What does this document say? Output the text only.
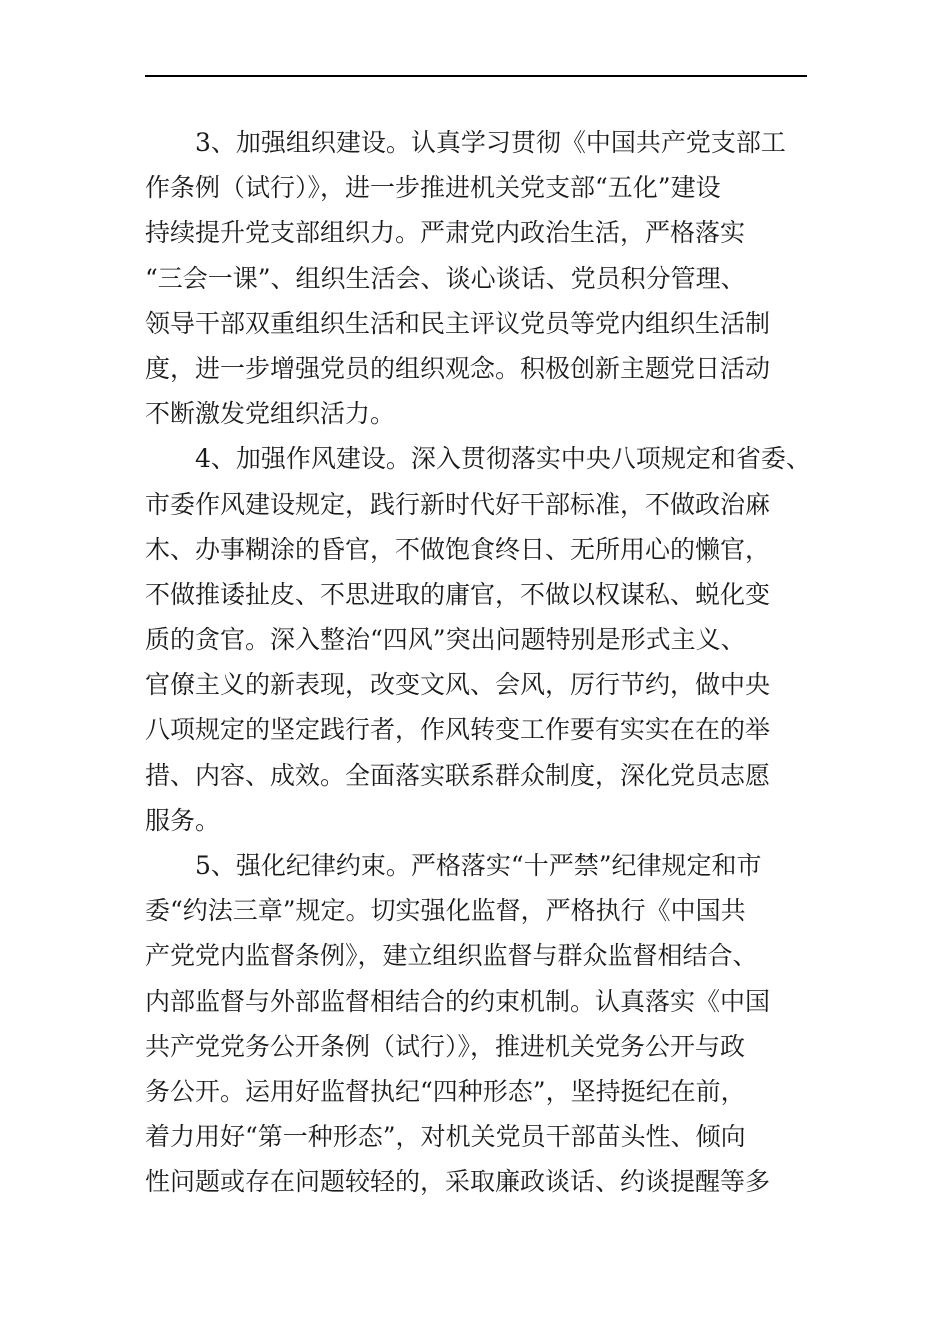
3、加强组织建设。认真学习贯彻《中国共产党支部工
作条例（试行）》，进一步推进机关党支部“五化”建设
持续提升党支部组织力。严肃党内政治生活，严格落实
“三会一课”、组织生活会、谈心谈话、党员积分管理、
领导干部双重组织生活和民主评议党员等党内组织生活制
度，进一步增强党员的组织观念。积极创新主题党日活动
不断激发党组织活力。
4、加强作风建设。深入贯彻落实中央八项规定和省委、
市委作风建设规定，践行新时代好干部标准，不做政治麻
木、办事糊涂的昏官，不做饱食终日、无所用心的懒官，
不做推诿扯皮、不思进取的庸官，不做以权谋私、蜕化变
质的贪官。深入整治“四风”突出问题特别是形式主义、
官僚主义的新表现，改变文风、会风，厉行节约，做中央
八项规定的坚定践行者，作风转变工作要有实实在在的举
措、内容、成效。全面落实联系群众制度，深化党员志愿
服务。
5、强化纪律约束。严格落实“十严禁”纪律规定和市
委“约法三章”规定。切实强化监督，严格执行《中国共
产党党内监督条例》，建立组织监督与群众监督相结合、
内部监督与外部监督相结合的约束机制。认真落实《中国
共产党党务公开条例（试行）》，推进机关党务公开与政
务公开。运用好监督执纪“四种形态”，坚持挺纪在前，
着力用好“第一种形态”，对机关党员干部苗头性、倾向
性问题或存在问题较轻的，采取廉政谈话、约谈提醒等多
